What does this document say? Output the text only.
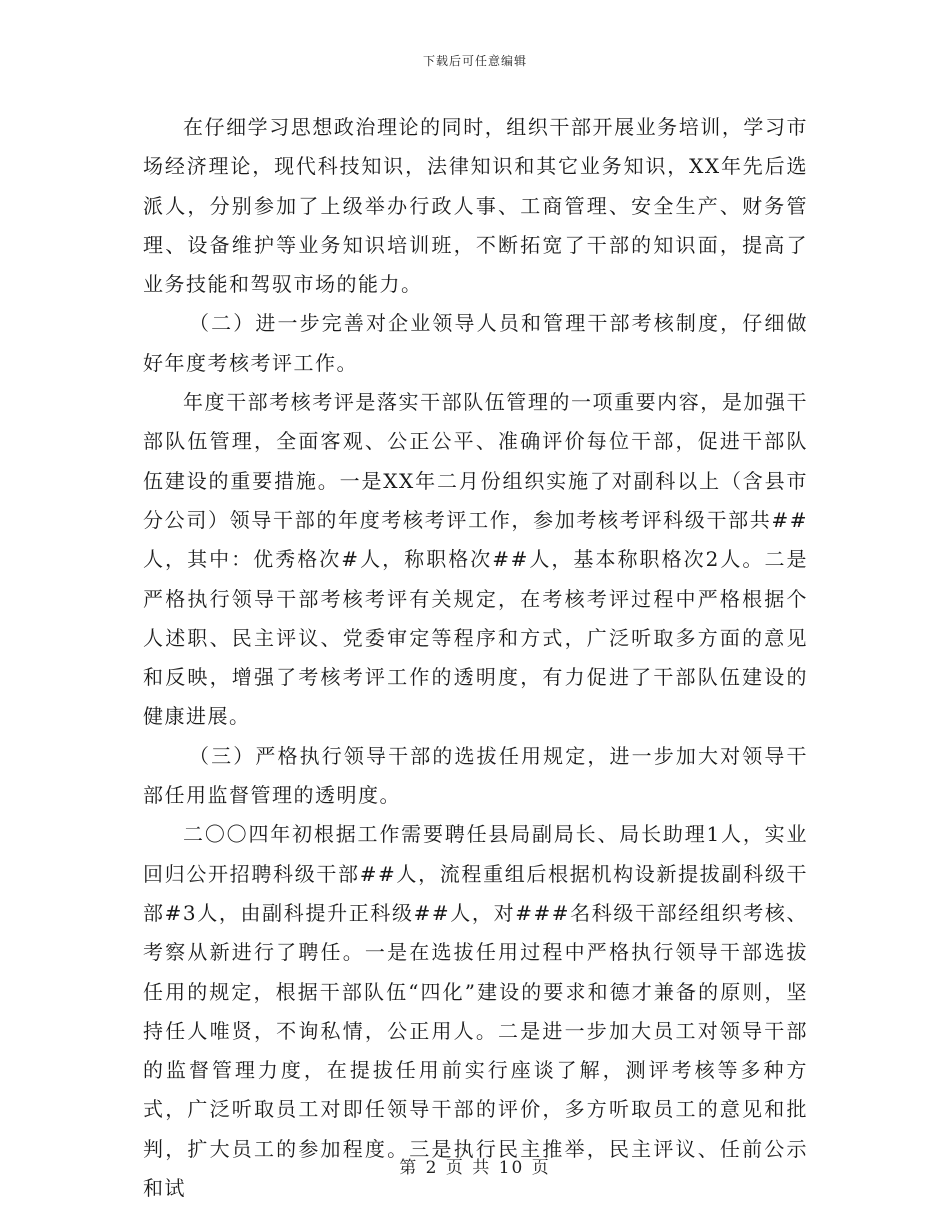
下载后可任意编辑

在仔细学习思想政治理论的同时，组织干部开展业务培训，学习市场经济理论，现代科技知识，法律知识和其它业务知识，XX年先后选派人，分别参加了上级举办行政人事、工商管理、安全生产、财务管理、设备维护等业务知识培训班，不断拓宽了干部的知识面，提高了业务技能和驾驭市场的能力。

（二）进一步完善对企业领导人员和管理干部考核制度，仔细做好年度考核考评工作。

年度干部考核考评是落实干部队伍管理的一项重要内容，是加强干部队伍管理，全面客观、公正公平、准确评价每位干部，促进干部队伍建设的重要措施。一是XX年二月份组织实施了对副科以上（含县市分公司）领导干部的年度考核考评工作，参加考核考评科级干部共##人，其中：优秀格次#人，称职格次##人，基本称职格次2人。二是严格执行领导干部考核考评有关规定，在考核考评过程中严格根据个人述职、民主评议、党委审定等程序和方式，广泛听取多方面的意见和反映，增强了考核考评工作的透明度，有力促进了干部队伍建设的健康进展。

（三）严格执行领导干部的选拔任用规定，进一步加大对领导干部任用监督管理的透明度。

二〇〇四年初根据工作需要聘任县局副局长、局长助理1人，实业回归公开招聘科级干部##人，流程重组后根据机构设新提拔副科级干部#3人，由副科提升正科级##人，对###名科级干部经组织考核、考察从新进行了聘任。一是在选拔任用过程中严格执行领导干部选拔任用的规定，根据干部队伍“四化”建设的要求和德才兼备的原则，坚持任人唯贤，不询私情，公正用人。二是进一步加大员工对领导干部的监督管理力度，在提拔任用前实行座谈了解，测评考核等多种方式，广泛听取员工对即任领导干部的评价，多方听取员工的意见和批判，扩大员工的参加程度。三是执行民主推举，民主评议、任前公示和试

第 2 页 共 10 页
